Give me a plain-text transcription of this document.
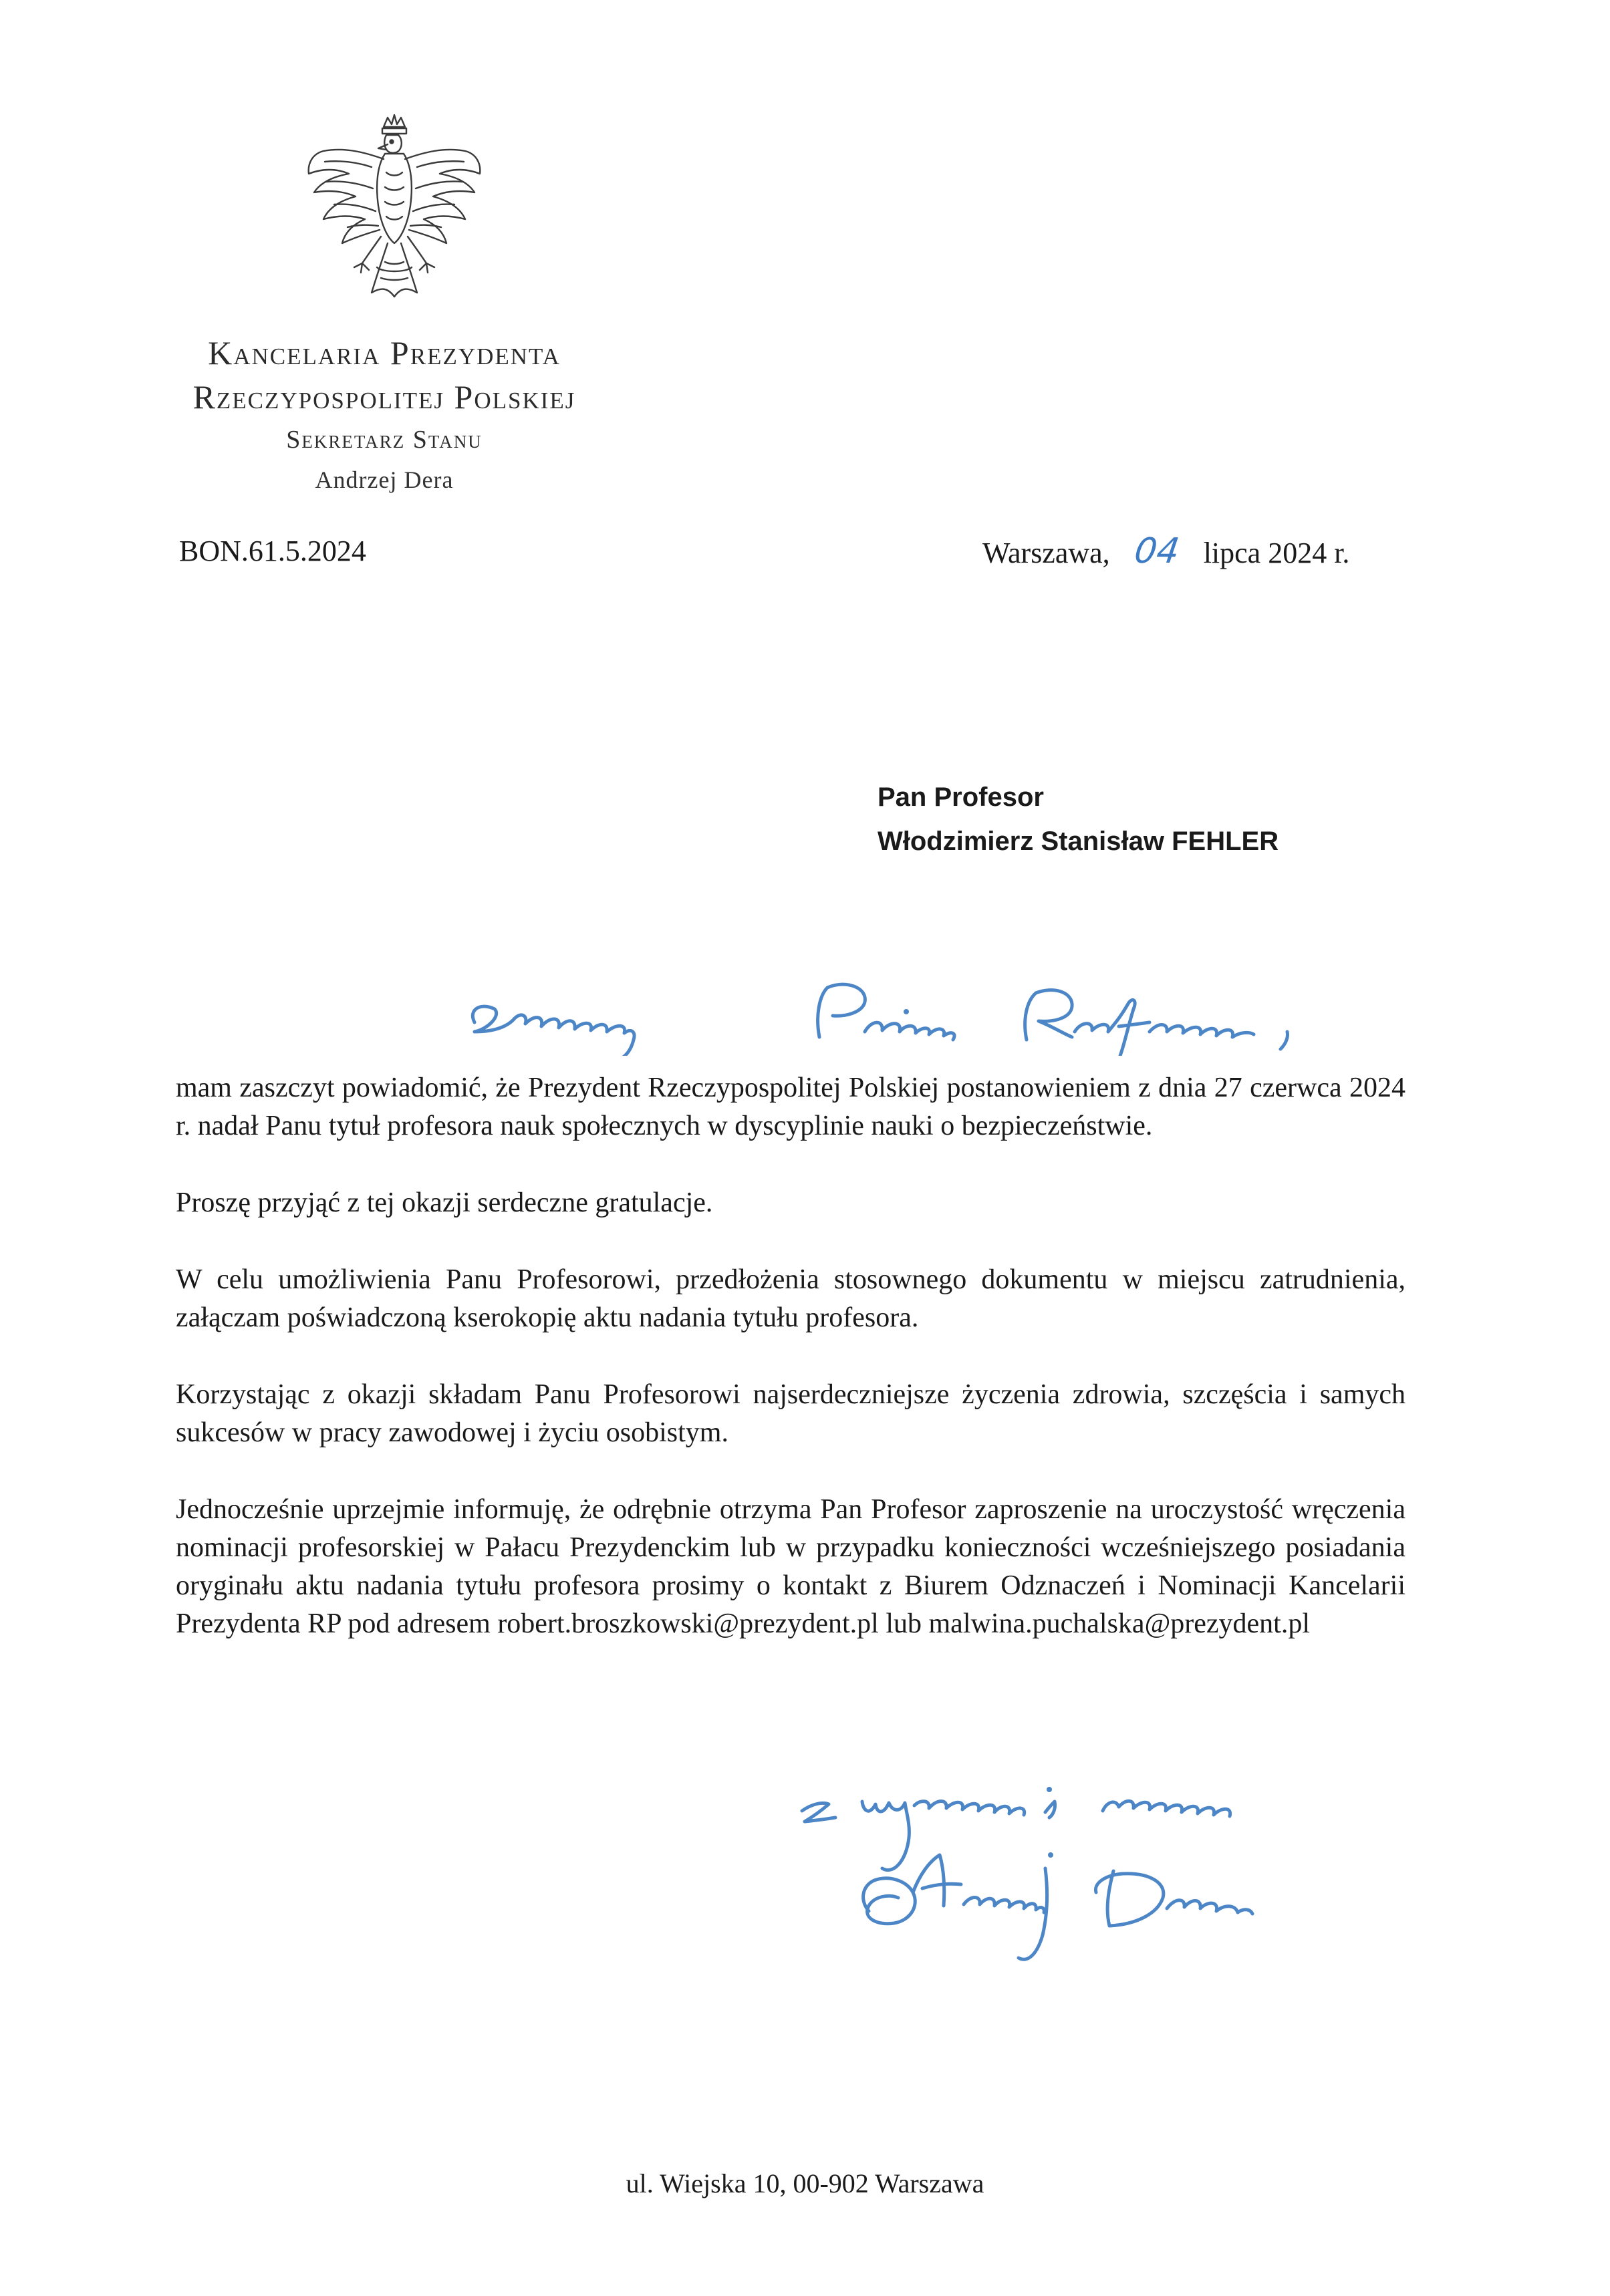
Kancelaria Prezydenta
Rzeczypospolitej Polskiej
Sekretarz Stanu
Andrzej Dera
BON.61.5.2024	Warszawa, 04 lipca 2024 r.
Pan Profesor
Włodzimierz Stanisław FEHLER

mam zaszczyt powiadomić, że Prezydent Rzeczypospolitej Polskiej postanowieniem z dnia 27 czerwca 2024 r. nadał Panu tytuł profesora nauk społecznych w dyscyplinie nauki o bezpieczeństwie.

Proszę przyjąć z tej okazji serdeczne gratulacje.

W celu umożliwienia Panu Profesorowi, przedłożenia stosownego dokumentu w miejscu zatrudnienia, załączam poświadczoną kserokopię aktu nadania tytułu profesora.

Korzystając z okazji składam Panu Profesorowi najserdeczniejsze życzenia zdrowia, szczęścia i samych sukcesów w pracy zawodowej i życiu osobistym.

Jednocześnie uprzejmie informuję, że odrębnie otrzyma Pan Profesor zaproszenie na uroczystość wręczenia nominacji profesorskiej w Pałacu Prezydenckim lub w przypadku konieczności wcześniejszego posiadania oryginału aktu nadania tytułu profesora prosimy o kontakt z Biurem Odznaczeń i Nominacji Kancelarii Prezydenta RP pod adresem robert.broszkowski@prezydent.pl lub malwina.puchalska@prezydent.pl

ul. Wiejska 10, 00-902 Warszawa
